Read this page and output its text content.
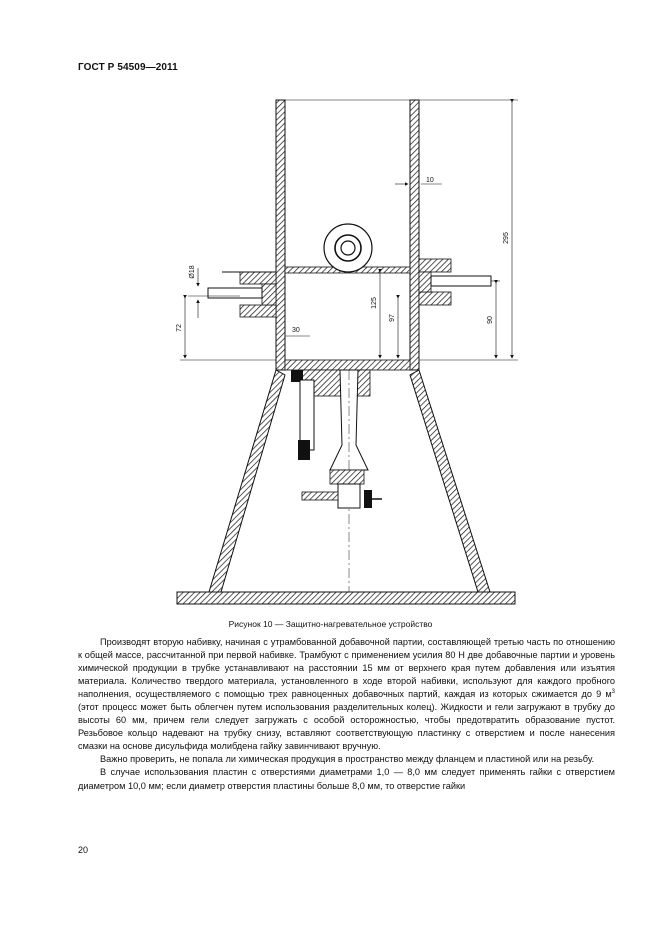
ГОСТ Р 54509—2011
295
90
125
97
10
72
Ø18
30
Рисунок 10 — Защитно-нагревательное устройство

Производят вторую набивку, начиная с утрамбованной добавочной партии, составляющей третью часть по отношению к общей массе, рассчитанной при первой набивке. Трамбуют с применением усилия 80 Н две добавочные партии и уровень химической продукции в трубке устанавливают на расстоянии 15 мм от верхнего края путем добавления или изъятия материала. Количество твердого материала, установленного в ходе второй набивки, используют для каждого пробного наполнения, осуществляемого с помощью трех равноценных добавочных партий, каждая из которых сжимается до 9 $м^3$ (этот процесс может быть облегчен путем использования разделительных колец). Жидкости и гели загружают в трубку до высоты 60 мм, причем гели следует загружать с особой осторожностью, чтобы предотвратить образование пустот. Резьбовое кольцо надевают на трубку снизу, вставляют соответствующую пластинку с отверстием и после нанесения смазки на основе дисульфида молибдена гайку завинчивают вручную.

Важно проверить, не попала ли химическая продукция в пространство между фланцем и пластиной или на резьбу.

В случае использования пластин с отверстиями диаметрами 1,0 — 8,0 мм следует применять гайки с отверстием диаметром 10,0 мм; если диаметр отверстия пластины больше 8,0 мм, то отверстие гайки

20
